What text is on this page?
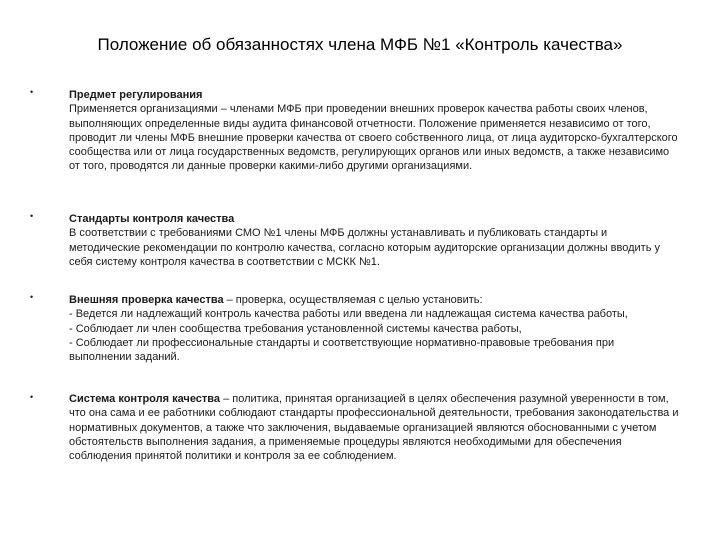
Положение об обязанностях члена МФБ №1 «Контроль качества»
•	Предмет регулирования

Применяется организациями – членами МФБ при проведении внешних проверок качества работы своих членов, выполняющих определенные виды аудита финансовой отчетности. Положение применяется независимо от того, проводит ли члены МФБ внешние проверки качества от своего собственного лица, от лица аудиторско-бухгалтерского сообщества или от лица государственных ведомств, регулирующих органов или иных ведомств, а также независимо от того, проводятся ли данные проверки какими-либо другими организациями.

•	Стандарты контроля качества

В соответствии с требованиями СМО №1 члены МФБ должны устанавливать и публиковать стандарты и методические рекомендации по контролю качества, согласно которым аудиторские организации должны вводить у себя систему контроля качества в соответствии с МСКК №1.

•	Внешняя проверка качества – проверка, осуществляемая с целью установить:

- Ведется ли надлежащий контроль качества работы или введена ли надлежащая система качества работы,

- Соблюдает ли член сообщества требования установленной системы качества работы,

- Соблюдает ли профессиональные стандарты и соответствующие нормативно-правовые требования при выполнении заданий.

•	Система контроля качества – политика, принятая организацией в целях обеспечения разумной уверенности в том, что она сама и ее работники соблюдают стандарты профессиональной деятельности, требования законодательства и нормативных документов, а также что заключения, выдаваемые организацией являются обоснованными с учетом обстоятельств выполнения задания, а применяемые процедуры являются необходимыми для обеспечения соблюдения принятой политики и контроля за ее соблюдением.
